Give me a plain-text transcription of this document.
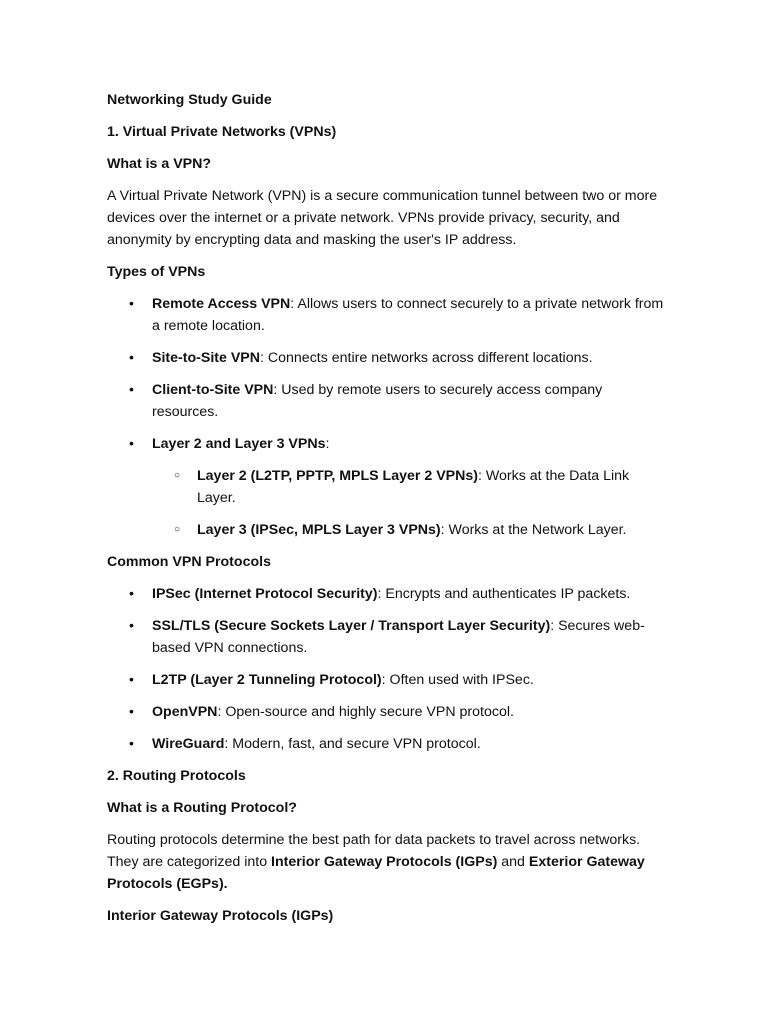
Networking Study Guide

1. Virtual Private Networks (VPNs)

What is a VPN?

A Virtual Private Network (VPN) is a secure communication tunnel between two or more devices over the internet or a private network. VPNs provide privacy, security, and anonymity by encrypting data and masking the user's IP address.

Types of VPNs

• Remote Access VPN: Allows users to connect securely to a private network from a remote location.
• Site-to-Site VPN: Connects entire networks across different locations.
• Client-to-Site VPN: Used by remote users to securely access company resources.
• Layer 2 and Layer 3 VPNs:
○ Layer 2 (L2TP, PPTP, MPLS Layer 2 VPNs): Works at the Data Link Layer.
○ Layer 3 (IPSec, MPLS Layer 3 VPNs): Works at the Network Layer.

Common VPN Protocols

• IPSec (Internet Protocol Security): Encrypts and authenticates IP packets.
• SSL/TLS (Secure Sockets Layer / Transport Layer Security): Secures web-based VPN connections.
• L2TP (Layer 2 Tunneling Protocol): Often used with IPSec.
• OpenVPN: Open-source and highly secure VPN protocol.
• WireGuard: Modern, fast, and secure VPN protocol.

2. Routing Protocols

What is a Routing Protocol?

Routing protocols determine the best path for data packets to travel across networks. They are categorized into Interior Gateway Protocols (IGPs) and Exterior Gateway Protocols (EGPs).

Interior Gateway Protocols (IGPs)
